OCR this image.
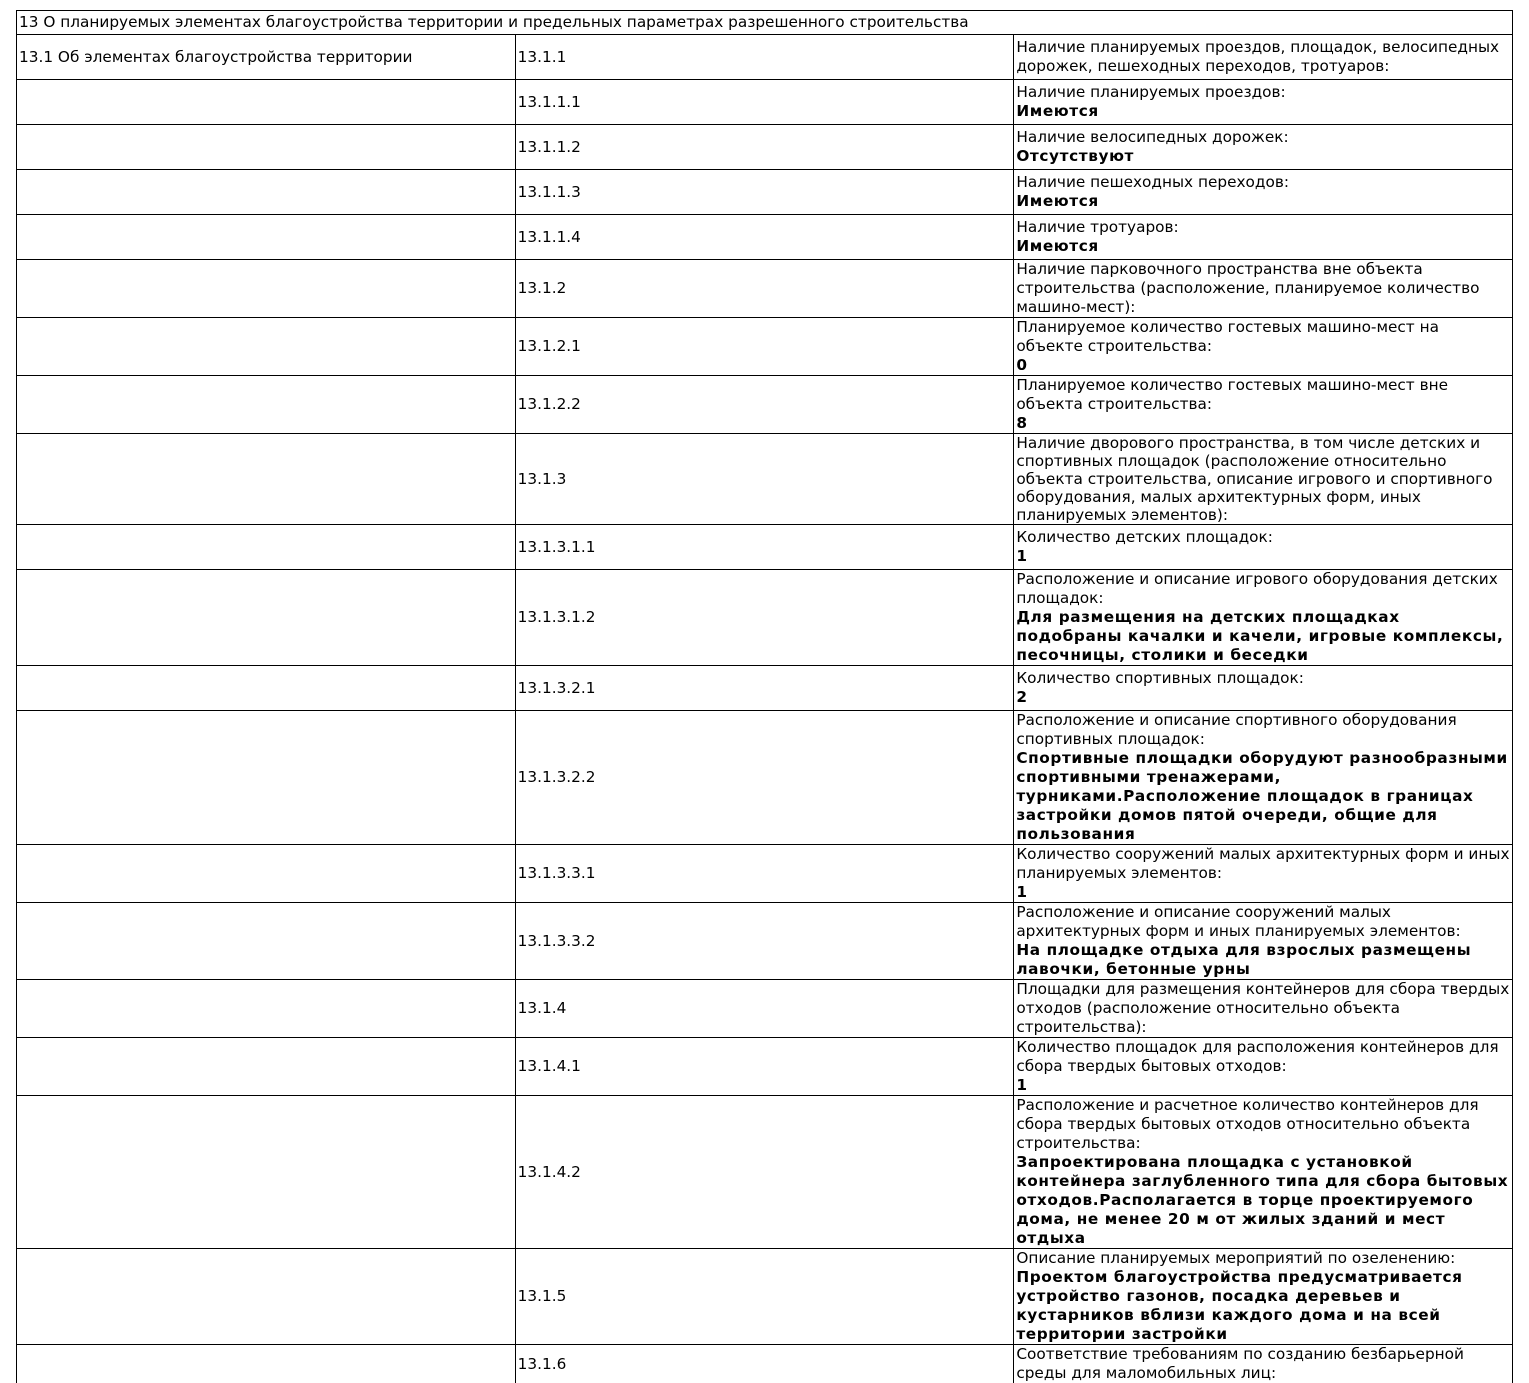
13 О планируемых элементах благоустройства территории и предельных параметрах разрешенного строительства		
13.1 Об элементах благоустройства территории	13.1.1	Наличие планируемых проездов, площадок, велосипедных дорожек, пешеходных переходов, тротуаров:

	13.1.1.1	Наличие планируемых проездов:
Имеются

	13.1.1.2	Наличие велосипедных дорожек:
Отсутствуют

	13.1.1.3	Наличие пешеходных переходов:
Имеются

	13.1.1.4	Наличие тротуаров:
Имеются

	13.1.2	Наличие парковочного пространства вне объекта строительства (расположение, планируемое количество машино-мест):

	13.1.2.1	Планируемое количество гостевых машино-мест на объекте строительства:
0

	13.1.2.2	Планируемое количество гостевых машино-мест вне объекта строительства:
8

	13.1.3	Наличие дворового пространства, в том числе детских и спортивных площадок (расположение относительно объекта строительства, описание игрового и спортивного оборудования, малых архитектурных форм, иных планируемых элементов):

	13.1.3.1.1	Количество детских площадок:
1

	13.1.3.1.2	Расположение и описание игрового оборудования детских площадок:
Для размещения на детских площадках подобраны качалки и качели, игровые комплексы, песочницы, столики и беседки

	13.1.3.2.1	Количество спортивных площадок:
2

	13.1.3.2.2	Расположение и описание спортивного оборудования спортивных площадок:
Спортивные площадки оборудуют разнообразными спортивными тренажерами, турниками.Расположение площадок в границах застройки домов пятой очереди, общие для пользования

	13.1.3.3.1	Количество сооружений малых архитектурных форм и иных планируемых элементов:
1

	13.1.3.3.2	Расположение и описание сооружений малых архитектурных форм и иных планируемых элементов:
На площадке отдыха для взрослых размещены лавочки, бетонные урны

	13.1.4	Площадки для размещения контейнеров для сбора твердых отходов (расположение относительно объекта строительства):

	13.1.4.1	Количество площадок для расположения контейнеров для сбора твердых бытовых отходов:
1

	13.1.4.2	Расположение и расчетное количество контейнеров для сбора твердых бытовых отходов относительно объекта строительства:
Запроектирована площадка с установкой контейнера заглубленного типа для сбора бытовых отходов.Располагается в торце проектируемого дома, не менее 20 м от жилых зданий и мест отдыха

	13.1.5	Описание планируемых мероприятий по озеленению:
Проектом благоустройства предусматривается устройство газонов, посадка деревьев и кустарников вблизи каждого дома и на всей территории застройки

	13.1.6	Соответствие требованиям по созданию безбарьерной среды для маломобильных лиц:
